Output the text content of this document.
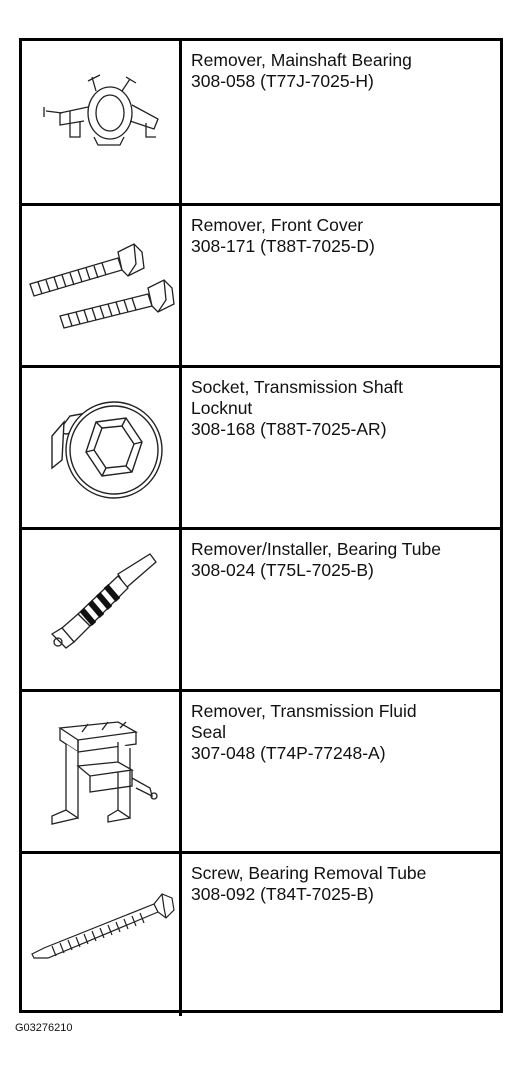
Remover, Mainshaft Bearing
308-058 (T77J-7025-H)
Remover, Front Cover
308-171 (T88T-7025-D)
Socket, Transmission Shaft
Locknut
308-168 (T88T-7025-AR)
Remover/Installer, Bearing Tube
308-024 (T75L-7025-B)
Remover, Transmission Fluid
Seal
307-048 (T74P-77248-A)
Screw, Bearing Removal Tube
308-092 (T84T-7025-B)
G03276210
